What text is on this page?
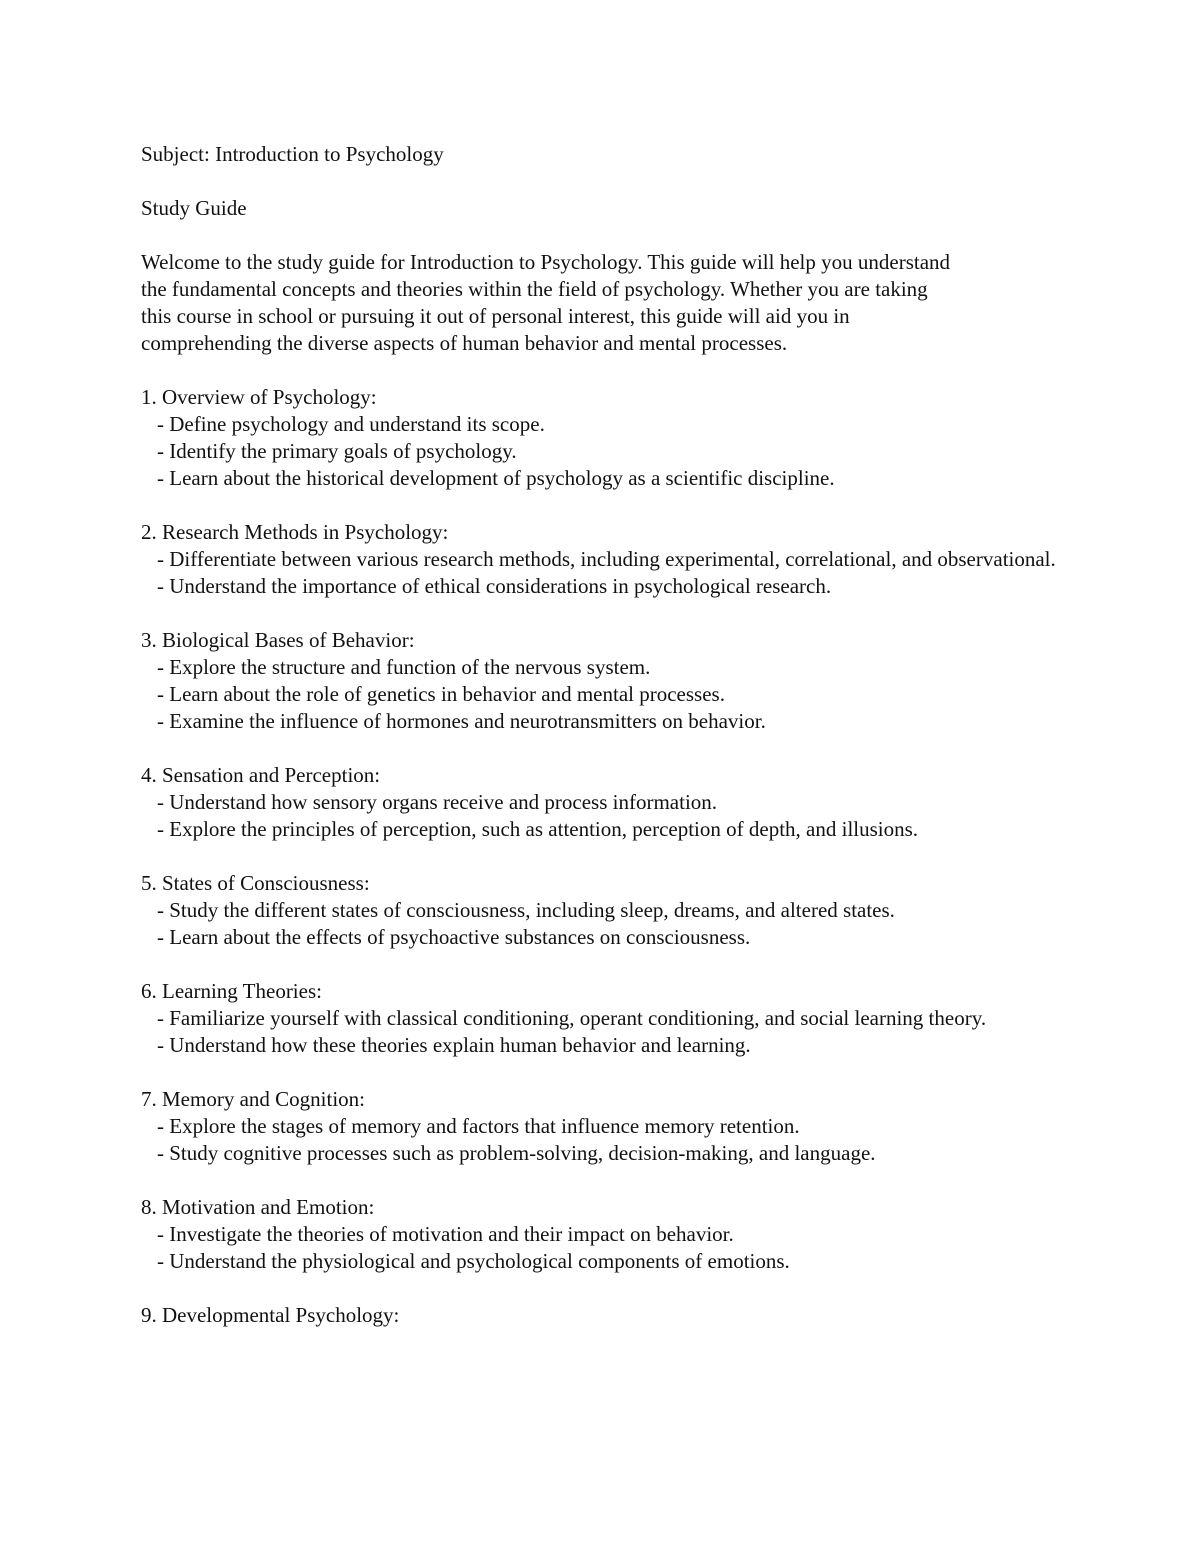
Subject: Introduction to Psychology

Study Guide

Welcome to the study guide for Introduction to Psychology. This guide will help you understand

the fundamental concepts and theories within the field of psychology. Whether you are taking

this course in school or pursuing it out of personal interest, this guide will aid you in

comprehending the diverse aspects of human behavior and mental processes.

1. Overview of Psychology:

- Define psychology and understand its scope.

- Identify the primary goals of psychology.

- Learn about the historical development of psychology as a scientific discipline.

2. Research Methods in Psychology:

- Differentiate between various research methods, including experimental, correlational, and observational.

- Understand the importance of ethical considerations in psychological research.

3. Biological Bases of Behavior:

- Explore the structure and function of the nervous system.

- Learn about the role of genetics in behavior and mental processes.

- Examine the influence of hormones and neurotransmitters on behavior.

4. Sensation and Perception:

- Understand how sensory organs receive and process information.

- Explore the principles of perception, such as attention, perception of depth, and illusions.

5. States of Consciousness:

- Study the different states of consciousness, including sleep, dreams, and altered states.

- Learn about the effects of psychoactive substances on consciousness.

6. Learning Theories:

- Familiarize yourself with classical conditioning, operant conditioning, and social learning theory.

- Understand how these theories explain human behavior and learning.

7. Memory and Cognition:

- Explore the stages of memory and factors that influence memory retention.

- Study cognitive processes such as problem-solving, decision-making, and language.

8. Motivation and Emotion:

- Investigate the theories of motivation and their impact on behavior.

- Understand the physiological and psychological components of emotions.

9. Developmental Psychology:
